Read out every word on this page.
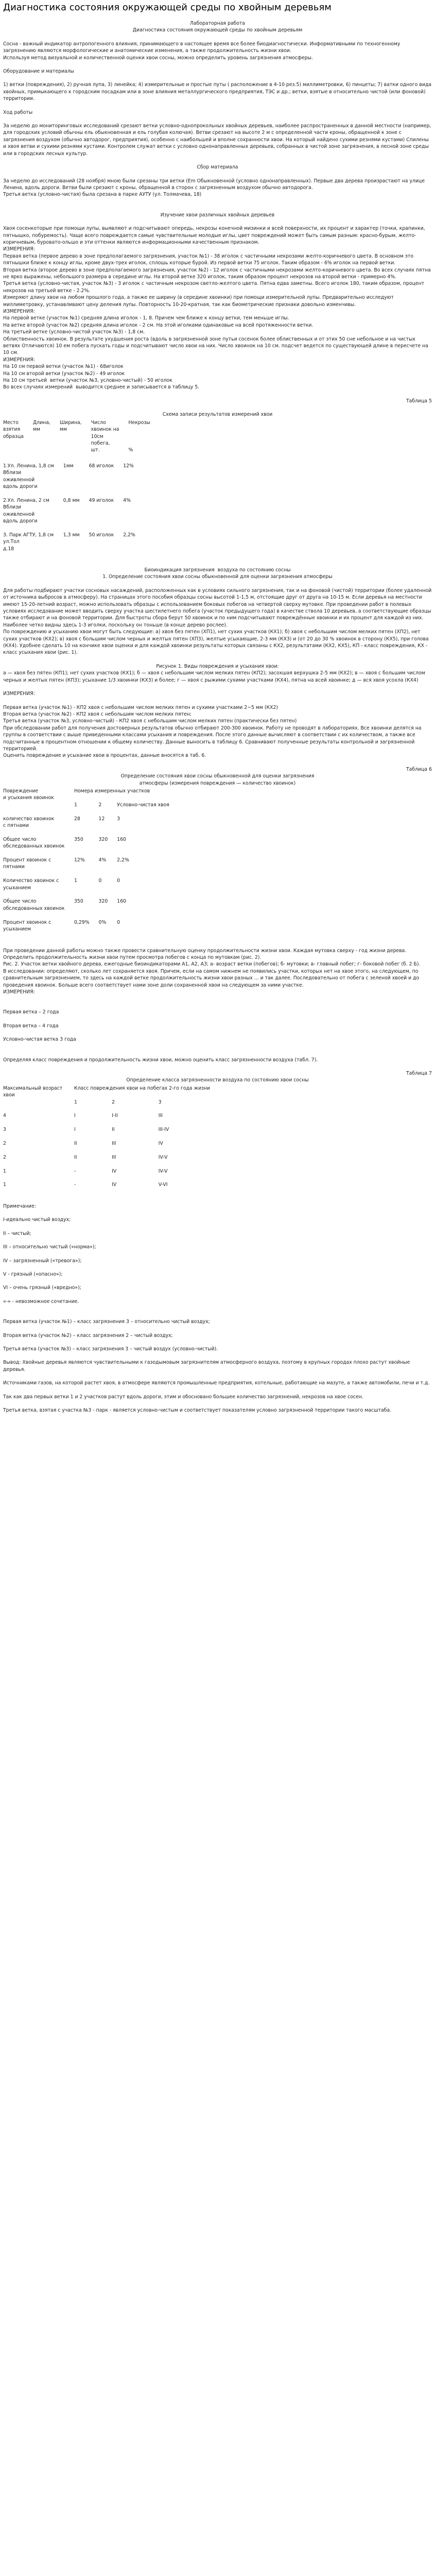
Диагностика состояния окружающей среды по хвойным деревьям

Лабораторная работа

Диагностика состояния окружающей среды по хвойным деревьям

Сосна - важный индикатор антропогенного влияния, принимающего в настоящее время все более биодиагностически. Информативными по техногенному загрязнению являются морфологические и анатомические изменения, а также продолжительность жизни хвои.

Используя метод визуальной и количественной оценки хвои сосны, можно определить уровень загрязнения атмосферы.

Оборудование и материалы

1) ветки (повреждения), 2) ручная лупа, 3) линейка; 4) измерительные и простые путы ( расположение в 4-10 рез.5) миллиметровки, 6) пинцеты; 7) ватки одного вида хвойных, примыкающего к городским посадкам или в зоне влияния металлургического предприятия, ТЭС и др.; ветки, взятые в относительно чистой (или фоновой) территории.

Ход работы

За неделю до мониторинговых исследований срезают ветки условно-однопрокольных хвойных деревьев, наиболее распространенных в данной местности (например, для городских условий обычны ель обыкновенная и ель голубая колючая). Ветви срезают на высоте 2 м с определенной части кроны, обращенной к зоне с загрязнения воздухом (обычно автодорог, предприятия), особенно с наибольшей и вполне сохранности хвои. На который найдено сухими резнями кустами) Спилены и хвоя ветви и сухими резнями кустами. Контролем служат ветки с условно однонаправленных деревьев, собранных в чистой зоне загрязнения, в лесной зоне среды или в городских лесных культур.

Сбор материала

За неделю до исследований (28 ноября) мною были срезаны три ветки (Em Обыкновенной (условно однонаправленных). Первые два дерева произрастают на улице Ленина, вдоль дороги. Ветви были срезают с кроны, обращенной в сторон с загрязненным воздухом обычно автодорога.

Третья ветка (условно-чистая) была срезана в парке АУТУ (ул. Толмачева, 18)

Изучение хвои различных хвойных деревьев

Хвоя сосенкоторые при помощи лупы, выявляют и подсчитывают опередь, некрозы конечной мизинки и всей поверхности, их процент и характер (точки, крапинки, пятнышко, побуремость). Чаще всего повреждается самые чувствительные молодые иглы, цвет повреждений может быть самым разным: красно-бурым, желто-коричневым, буровато-ольшо и эти оттенки являются информационными качественным признаком.

ИЗМЕРЕНИЯ:

Первая ветка (первое дерево в зоне предполагаемого загрязнения, участок №1) - 38 иголок с частичными некрозами желто-коричневого цвета. В основном это пятнышки ближе к концу иглы, кроме двух-трех иголок, сплошь которые бурой. Из первой ветки 75 иголок. Таким образом - 6% иголок на первой ветки.

Вторая ветка (второе дерево в зоне предполагаемого загрязнения, участок №2) - 12 иголок с частичными некрозами желто-коричневого цвета. Во всех случаях пятна не ярко выражены, небольшого размера в середине иглы. На второй ветке 320 иголок, таким образом процент некрозов на второй ветки - примерно 4%.

Третья ветка (условно-чистая, участок №3) - 3 иголок с частичным некрозом светло-желтого цвета. Пятна едва заметны. Всего иголок 180, таким образом, процент некрозов на третьей ветке - 2.2%.

Измеряют длину хвои на любом прошлого года, а также ее ширину (в середине хвоинки) при помощи измерительной лупы. Предварительно исследуют миллиметровку, устанавливают цену деления лупы. Повторность 10-20-кратная, так как биометрические признаки довольно изменчивы.

ИЗМЕРЕНИЯ:

На первой ветке (участок №1) средняя длина иголок - 1, 8. Причем чем ближе к концу ветки, тем меньше иглы.

На ветке второй (участок №2) средняя длина иголок - 2 см. На этой иголками одинаковые на всей протяженности ветки.

На третьей ветке (условно-чистой участок №3) - 1,8 см.

Облиственность хвоинок. В результате ухудшения роста (вдоль в загрязненной зоне путьи сосенок более облиственных и от этих 50 сне небольное и на чистых ветвях Отличаются) 10 ем побега пускать годы и подсчитывают число хвои на них. Число хвоинок на 10 см. подсчет ведется по существующей длине в пересчете на 10 см.

ИЗМЕРЕНИЯ:

На 10 см первой ветки (участок №1) - 68иголок

На 10 см второй ветки (участок №2) - 49 иголок

На 10 см третьей  ветки (участок №3, условно-чистый) - 50 иголок

Во всех случаях измерений  выводится среднее и записывается в таблицу 5.

Таблица 5

Схема записи результатов измерений хвои

Место	Длина,	Ширина,	Число	Некрозы
взятия	мм	мм	хвоинок на	
образца			10см	
			побега,	
			шт.	%
1.Ул. Ленина, 1,8 см	1мм	68 иголок	12%
Вблизи			
оживленной			
вдоль дороги			

2.Ул. Ленина, 2 см	0,8 мм	49 иголок	4%
Вблизи			
оживленной			
вдоль дороги			

3. Парк АГТУ, 1,8 см	1,3 мм	50 иголок	2,2%
ул.Тол			
д.18			

Биоиндикация загрязнения  воздуха по состоянию сосны

1. Определение состояния хвои сосны обыкновенной для оценки загрязнения атмосферы

Для работы подбирают участки сосновых насаждений, расположенных как в условиях сильного загрязнения, так и на фоновой (чистой) территории (более удаленной от источника выбросов в атмосферу). На страницах этого пособия образцы сосны высотой 1-1,5 м, отстоящие друг от друга на 10-15 м. Если деревья на местности имеют 15-20-летний возраст, можно использовать образцы с использованием боковых побегов на четвертой сверху мутовке. При проведении работ в полевых условиях исследование может вводить сверху участка шестилетнего побега (участок предыдущего года) в качестве ствола 10 деревьев, а соответствующие образцы также отбирают и на фоновой территории. Для быстроты сбора берут 50 хвоинок и по ним подсчитывают повреждённые хвоинки и их процент для каждой из них. Наиболее четко видны здесь 1-3 иголки, поскольку он тоньше (в конце дерево рослее).

По повреждению и усыханию хвои могут быть следующие: а) хвоя без пятен (ХП1), нет сухих участков (КХ1); б) хвоя с небольшим числом мелких пятен (ХП2), нет сухих участков (КХ2); в) хвоя с большим числом черных и желтых пятен (ХП3), желтые усыхающие, 2-3 мм (КХ3) и (от 20 до 30 % хвоинок в сторону (КХ5), при голова (КХ4). Удобнее сделать 10 на кончике хвои оценки и для каждой хвоинки результаты которых связаны с КХ2, результатами (КХ2, КХ5), КП - класс повреждения, КХ - класс усыхания хвои (рис. 1).

Рисунок 1. Виды повреждения и усыхания хвои:

а — хвоя без пятен (КП1); нет сухих участков (КХ1); б — хвоя с небольшим числом мелких пятен (КП2); засохшая верхушка 2-5 мм (КХ2); в — хвоя с большим числом черных и желтых пятен (КП3); усыхание 1/3 хвоинки (КХ3) и более; г — хвоя с рыжими сухими участками (КХ4), пятна на всей хвоинке; д — вся хвоя усохла (КХ4)

ИЗМЕРЕНИЯ:

Первая ветка (участок №1) - КП2 хвоя с небольшим числом мелких пятен и сухими участками 2~5 мм (КХ2)

Вторая ветка (участок №2) - КП2 хвоя с небольшим числом мелких пятен;

Третья ветка (участок №3, условно-чистый) - КП2 хвоя с небольшим числом мелких пятен (практически без пятен)

При обследовании работ для получения достоверных результатов обычно отбирают 200-300 хвоинок. Работу не проводят в лабораториях. Все хвоинки делятся на группы в соответствии с выше приведенными классами усыхания и повреждения. После этого данные вычисляют в соответствии с их количеством, а также все подсчитанные в процентном отношении к общему количеству. Данные выносить в таблицу 6. Сравнивают полученные результаты контрольной и загрязненной территорией.

Оценить повреждение и усыхание хвои в процентах, данные вносятся в таб. 6.

Таблица 6

Определение состояния хвои сосны обыкновенной для оценки загрязнения

атмосферы (измерения повреждения — количество хвоинок)

Повреждение	Номера измеренных участков		
и усыхания хвоинок			
	1	2	Условно-чистая хвоя

количество хвоинок	28	12	3
с пятнами			

Общее число обследованных хвоинок	350	320	160

Процент хвоинок с пятнами	12%	4%	2,2%

Количество хвоинок с усыханием	1	0	0

Общее число обследованных хвоинок	350	320	160

Процент хвоинок с усыханием	0,29%	0%	0

При проведении данной работы можно также провести сравнительную оценку продолжительности жизни хвои. Каждая мутовка сверху - год жизни дерева. Определить продолжительность жизни хвои путем просмотра побегов с конца по мутовкам (рис. 2).

Рис. 2. Участок ветки хвойного дерева, ежегодные биоиндикаторами А1, А2, А3; а- возраст ветки (побегов); б- мутовки; в- главный побег; г- боковой побег (б. 2 Б).

В исследовании: определяют, сколько лет сохраняется хвоя. Причем, если на самом нижнем не появились участки, которых нет на хвое этого, на следующем, по сравнительным загрязнением, то здесь на каждой ветке продолжительность жизни хвои разных ... и так далее. Последовательно от побега с зеленой хвоей и до проведения хвоинок. Больше всего соответствует нами зоне доли сохраненной хвои на следующем за ними участке.

ИЗМЕРЕНИЯ:

Первая ветка – 2 года

Вторая ветка – 4 года

Условно-чистая ветка 3 года

Определяя класс повреждения и продолжительность жизни хвои, можно оценить класс загрязненности воздуха (табл. 7).

Таблица 7

Определение класса загрязненности воздуха по состоянию хвои сосны

Максимальный возраст	Класс повреждения хвои на побегах 2-го года жизни		
хвои			
	1	2	3

4	I	I-II	III

3	I	II	III-IV

2	II	III	IV

2	II	III	IV-V

1	-	IV	IV-V

1	-	IV	V-VI

Примечание:

I-идеально чистый воздух;

II – чистый;

III – относительно чистый («норма»);

IV – загрязненный («тревога»);

V - грязный («опасно»);

VI – очень грязный («вредно»);

«-» - невозможное сочетание.

Первая ветка (участок №1) – класс загрязнения 3 – относительно чистый воздух;

Вторая ветка (участок №2) – класс загрязнения 2 – чистый воздух;

Третья ветка (участок №3) – класс загрязнения 3 – чистый воздух (условно-чистый).

Вывод: Хвойные деревья являются чувствительными к газодымовым загрязнителям атмосферного воздуха, поэтому в крупных городах плохо растут хвойные деревья.

Источниками газов, на которой растет хвоя, в атмосфере являются промышленные предприятия, котельные, работающие на мазуте, а также автомобили, печи и т.д.

Так как два первых ветки 1 и 2 участков растут вдоль дороги, этим и обосновано большее количество загрязнений, некрозов на хвое сосен.

Третья ветка, взятая с участка №3 - парк - является условно-чистым и соответствует показателям условно загрязненной территории такого масштаба.
